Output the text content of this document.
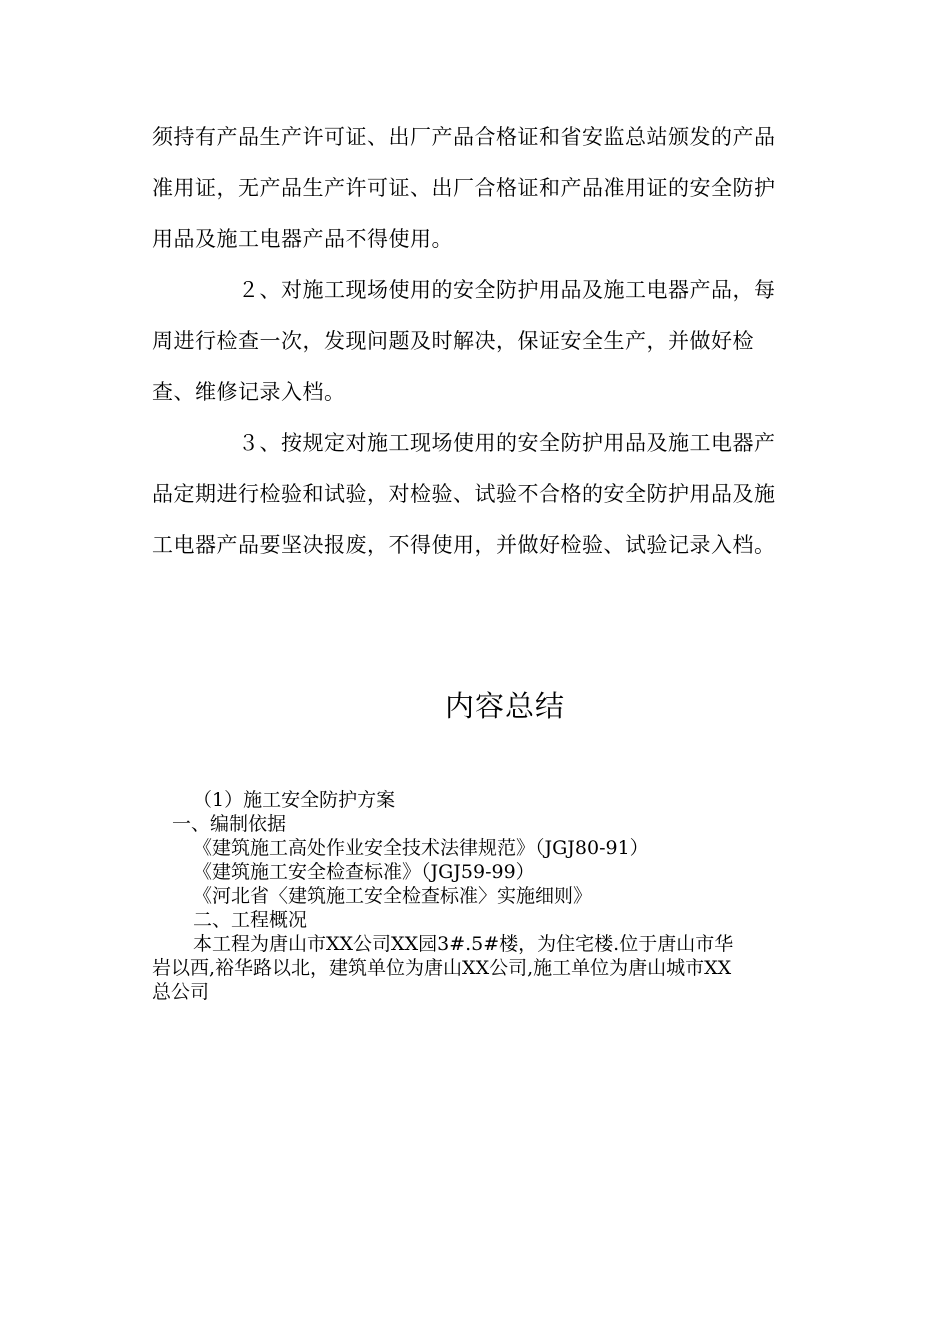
须持有产品生产许可证、出厂产品合格证和省安监总站颁发的产品

准用证，无产品生产许可证、出厂合格证和产品准用证的安全防护

用品及施工电器产品不得使用。

　　　　２、对施工现场使用的安全防护用品及施工电器产品，每

周进行检查一次，发现问题及时解决，保证安全生产，并做好检

查、维修记录入档。

　　　　３、按规定对施工现场使用的安全防护用品及施工电器产

品定期进行检验和试验，对检验、试验不合格的安全防护用品及施

工电器产品要坚决报废，不得使用，并做好检验、试验记录入档。

内容总结
（1）施工安全防护方案
一、编制依据
《建筑施工高处作业安全技术法律规范》（JGJ80-91）
《建筑施工安全检查标准》（JGJ59-99）
《河北省〈建筑施工安全检查标准〉实施细则》
二、工程概况
本工程为唐山市XX公司XX园3#.5#楼，为住宅楼.位于唐山市华
岩以西,裕华路以北，建筑单位为唐山XX公司,施工单位为唐山城市XX
总公司
